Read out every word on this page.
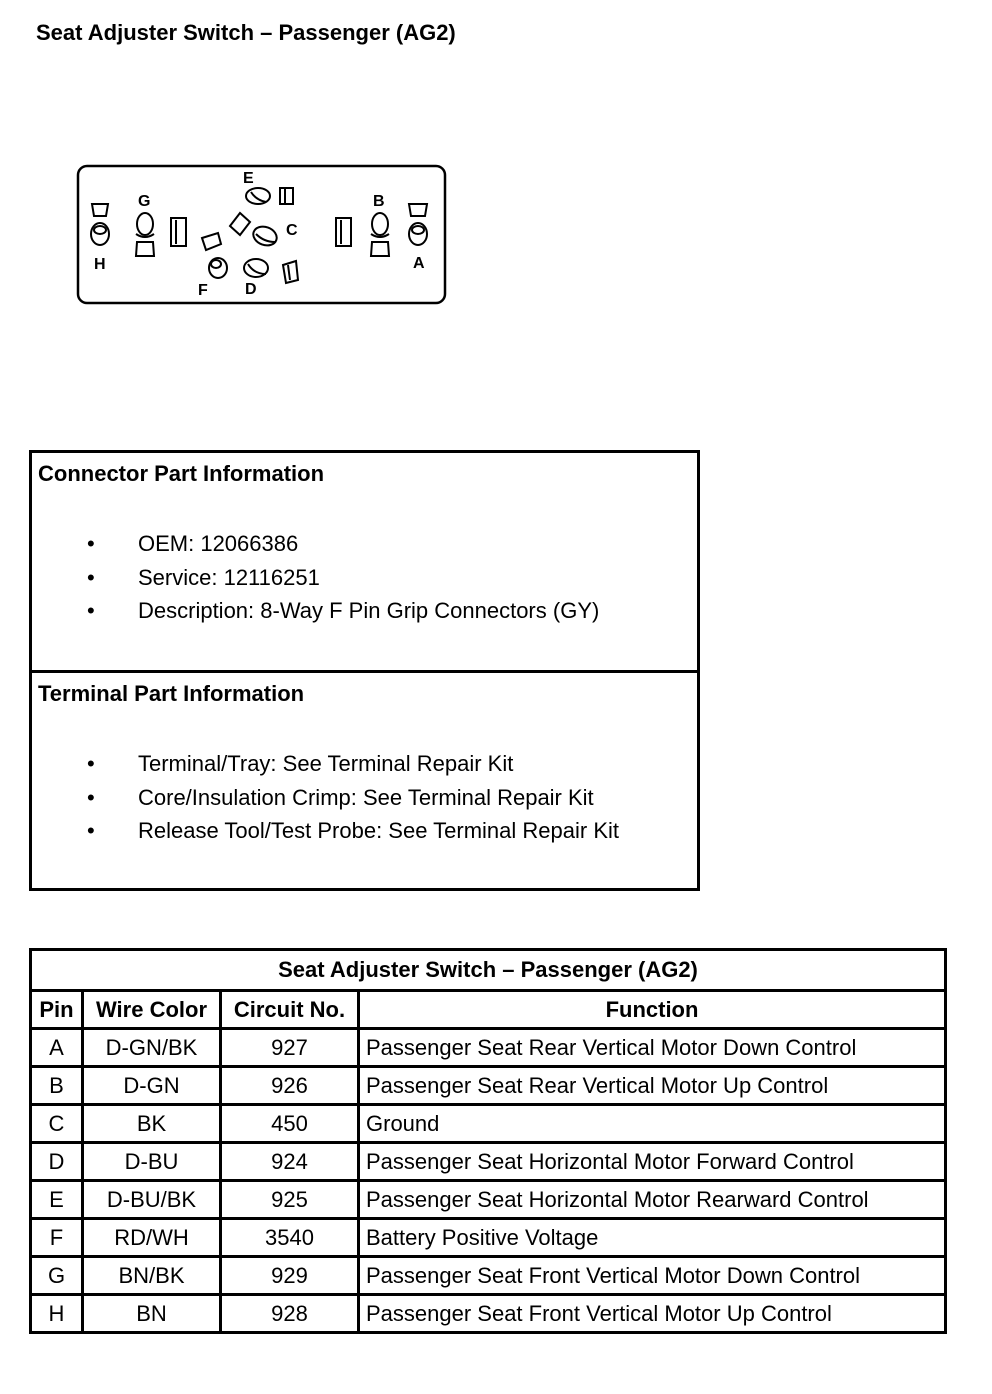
Seat Adjuster Switch – Passenger (AG2)
H
G
F
E
C
D
B
A
Connector Part Information
• OEM: 12066386
• Service: 12116251
• Description: 8-Way F Pin Grip Connectors (GY)
Terminal Part Information
• Terminal/Tray: See Terminal Repair Kit
• Core/Insulation Crimp: See Terminal Repair Kit
• Release Tool/Test Probe: See Terminal Repair Kit
Seat Adjuster Switch – Passenger (AG2)			
Pin	Wire Color	Circuit No.	Function
A	D-GN/BK	927	Passenger Seat Rear Vertical Motor Down Control
B	D-GN	926	Passenger Seat Rear Vertical Motor Up Control
C	BK	450	Ground
D	D-BU	924	Passenger Seat Horizontal Motor Forward Control
E	D-BU/BK	925	Passenger Seat Horizontal Motor Rearward Control
F	RD/WH	3540	Battery Positive Voltage
G	BN/BK	929	Passenger Seat Front Vertical Motor Down Control
H	BN	928	Passenger Seat Front Vertical Motor Up Control
